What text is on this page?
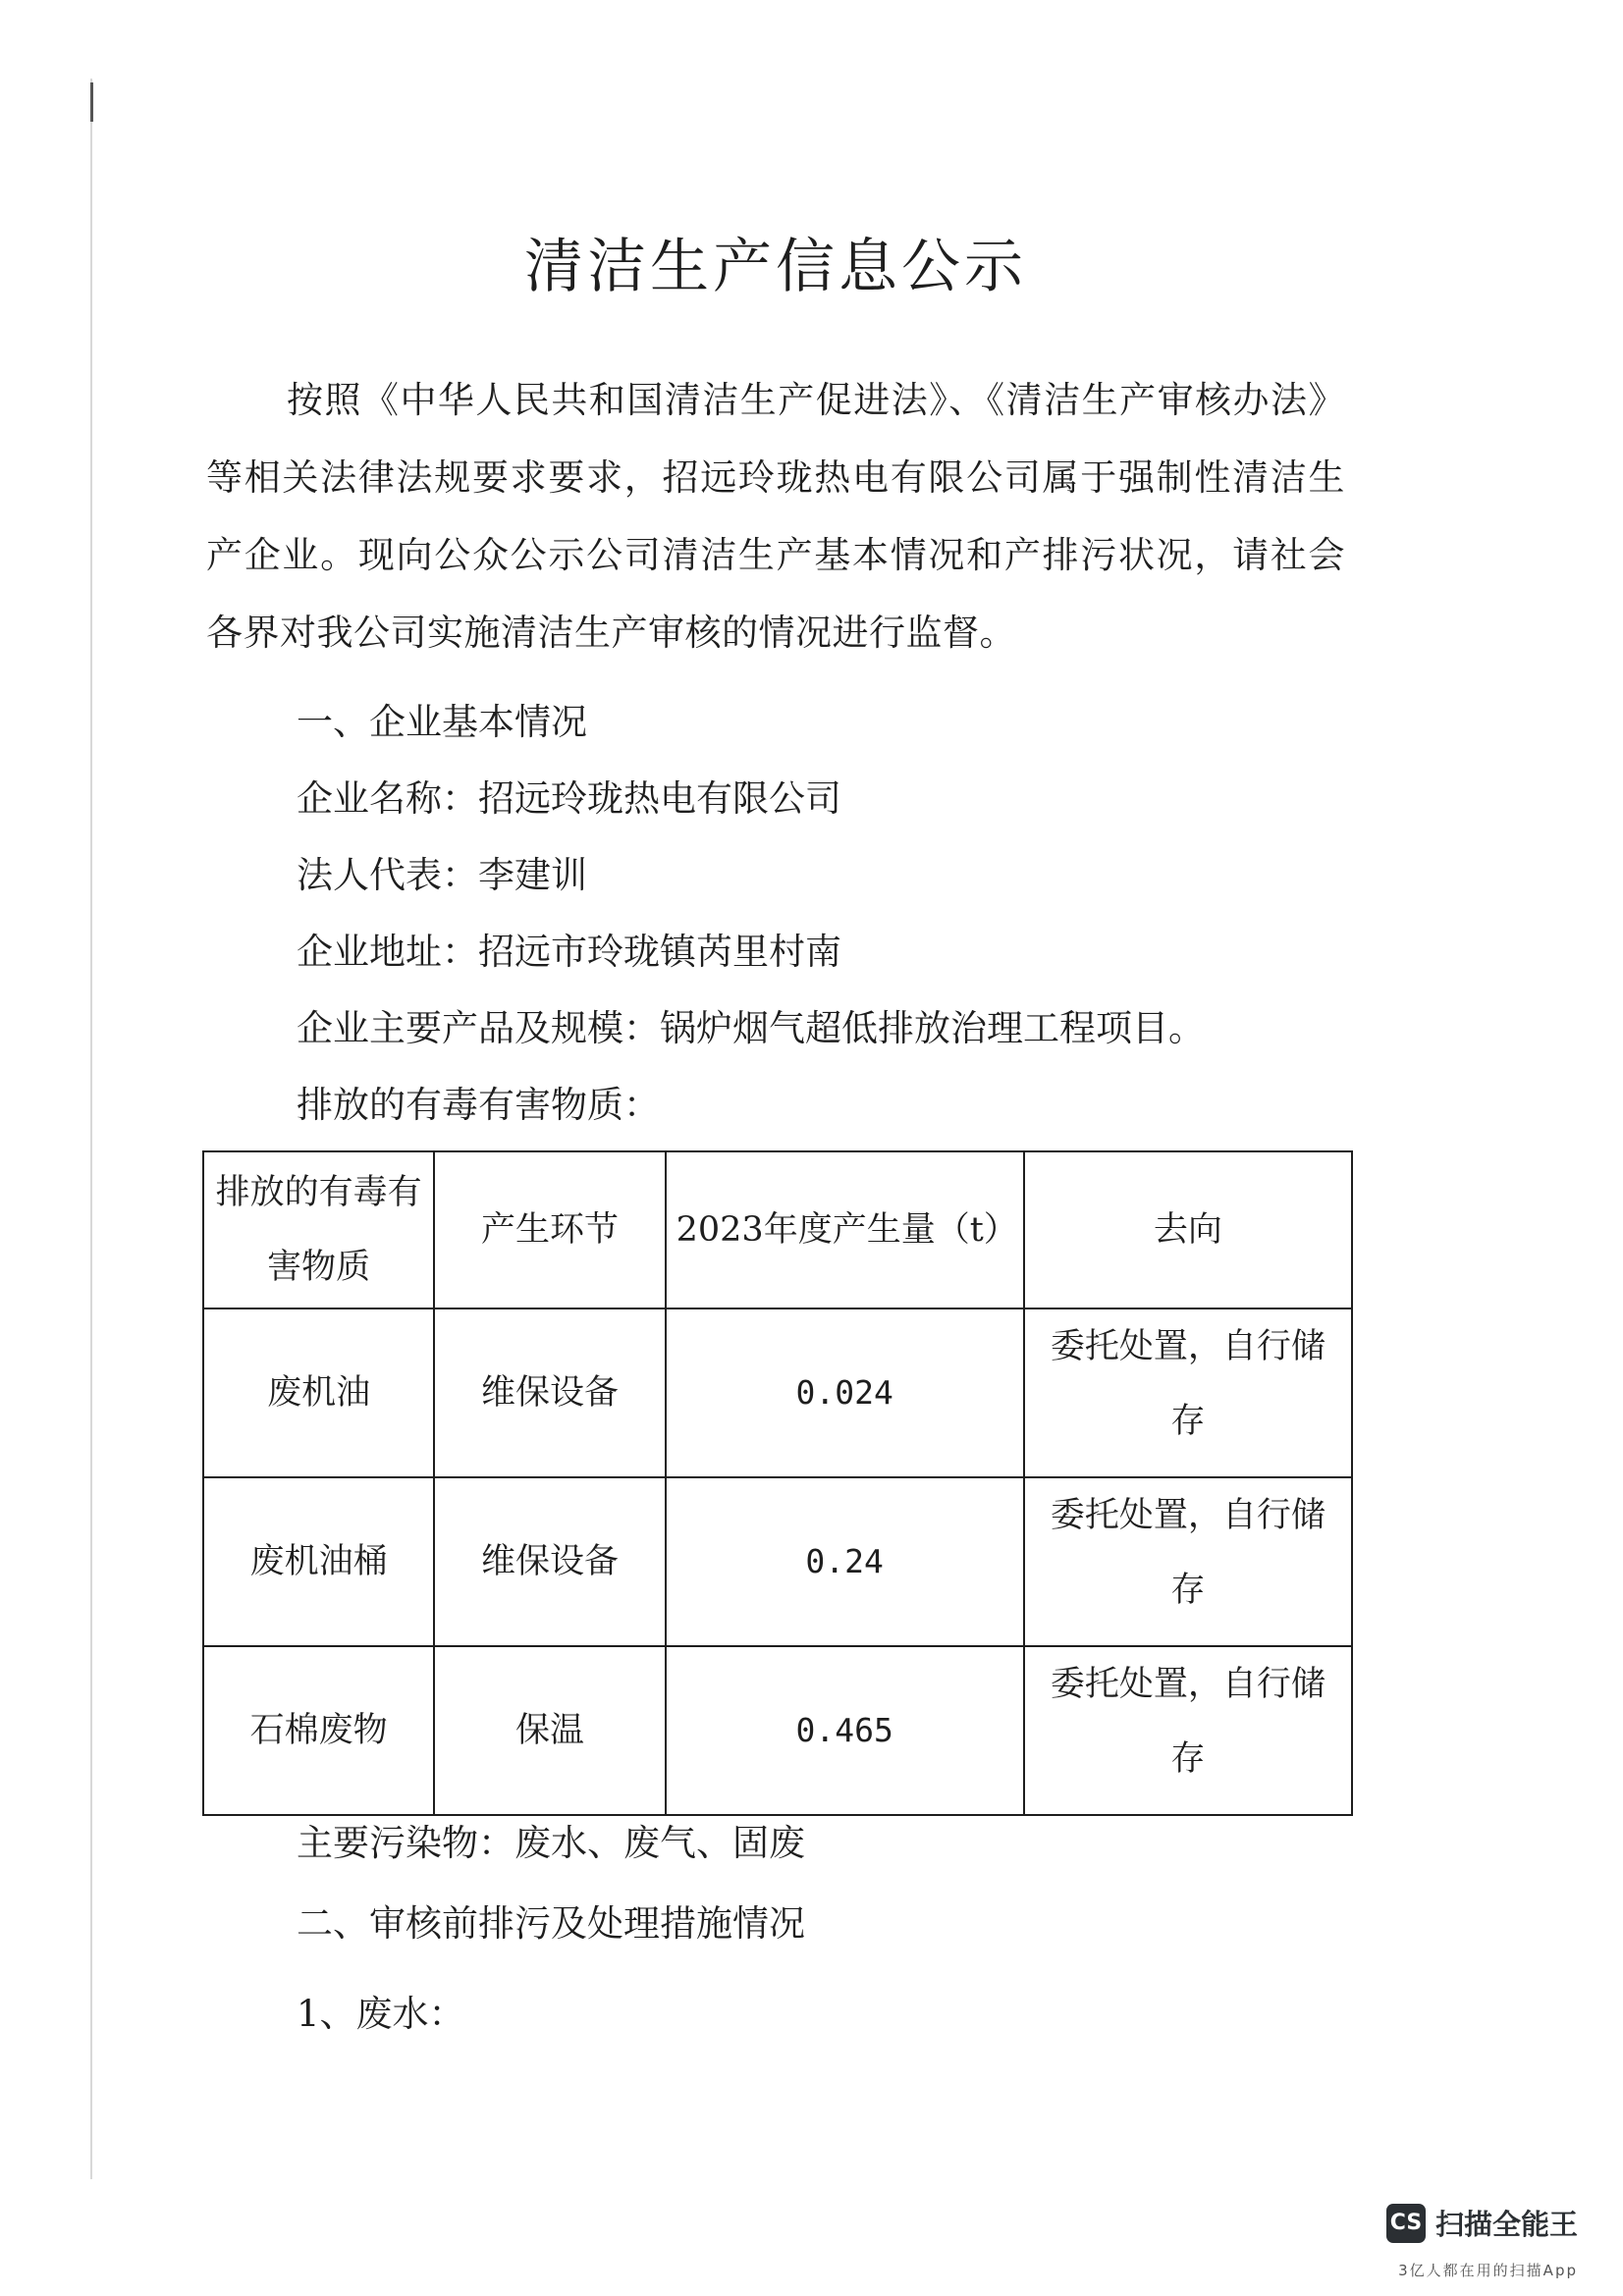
清洁生产信息公示
按照《中华人民共和国清洁生产促进法》、《清洁生产审核办法》等相关法律法规要求要求，招远玲珑热电有限公司属于强制性清洁生产企业。现向公众公示公司清洁生产基本情况和产排污状况，请社会各界对我公司实施清洁生产审核的情况进行监督。
一、企业基本情况
企业名称：招远玲珑热电有限公司
法人代表：李建训
企业地址：招远市玲珑镇芮里村南
企业主要产品及规模：锅炉烟气超低排放治理工程项目。
排放的有毒有害物质：
排放的有毒有害物质	产生环节	2023年度产生量（t）	去向
废机油	维保设备	0.024	委托处置，自行储存
废机油桶	维保设备	0.24	委托处置，自行储存
石棉废物	保温	0.465	委托处置，自行储存
主要污染物：废水、废气、固废
二、审核前排污及处理措施情况
1、废水：
CS 扫描全能王
3亿人都在用的扫描App
